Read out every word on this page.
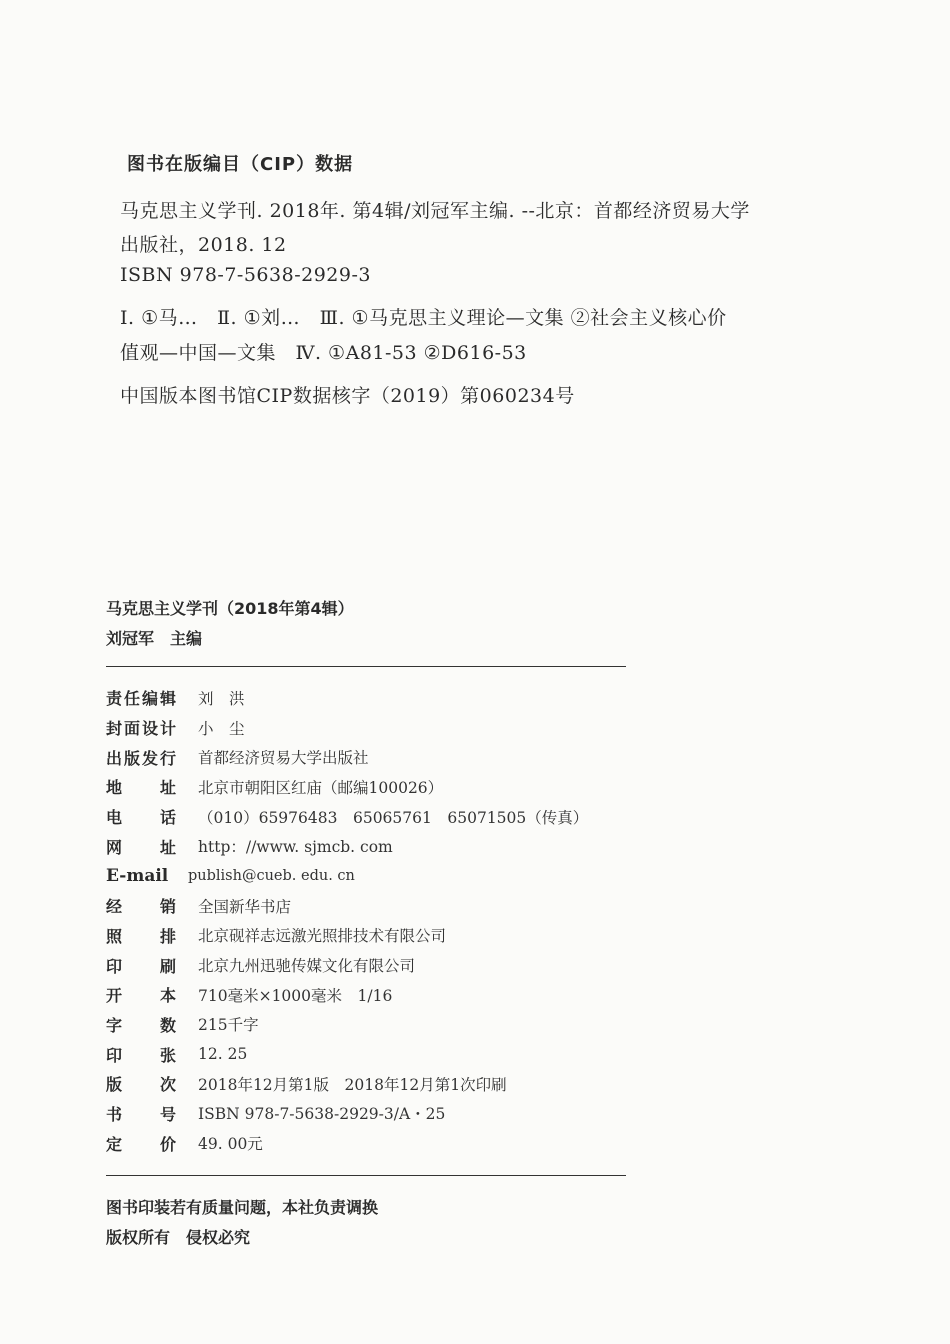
图书在版编目（CIP）数据
马克思主义学刊. 2018年. 第4辑/刘冠军主编. --北京：首都经济贸易大学
出版社，2018. 12
ISBN 978-7-5638-2929-3
Ⅰ. ①马…　Ⅱ. ①刘…　Ⅲ. ①马克思主义理论—文集 ②社会主义核心价
值观—中国—文集　Ⅳ. ①A81-53 ②D616-53
中国版本图书馆CIP数据核字（2019）第060234号
马克思主义学刊（2018年第4辑）
刘冠军　主编
责 任 编 辑 刘　洪
封 面 设 计 小　尘
出 版 发 行 首都经济贸易大学出版社
地 址 北京市朝阳区红庙（邮编100026）
电 话 （010）65976483　65065761　65071505（传真）
网 址 http：//www. sjmcb. com
E-mail publish@cueb. edu. cn
经 销 全国新华书店
照 排 北京砚祥志远激光照排技术有限公司
印 刷 北京九州迅驰传媒文化有限公司
开 本 710毫米×1000毫米　1/16
字 数 215千字
印 张 12. 25
版 次 2018年12月第1版　2018年12月第1次印刷
书 号 ISBN 978-7-5638-2929-3/A・25
定 价 49. 00元
图书印装若有质量问题，本社负责调换
版权所有　侵权必究
